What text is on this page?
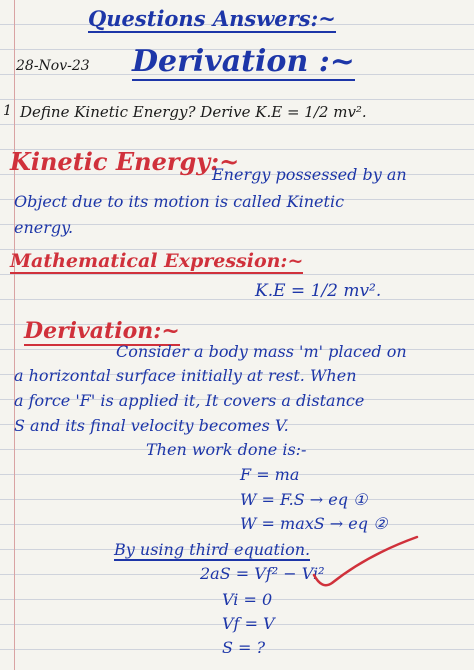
Questions Answers:~
28-Nov-23 Derivation :~
1 Define Kinetic Energy? Derive K.E = 1/2 mv².
Kinetic Energy:~
Energy possessed by an
Object due to its motion is called Kinetic
energy.
Mathematical Expression:~
K.E = 1/2 mv².
Derivation:~
Consider a body mass 'm' placed on
a horizontal surface initially at rest. When
a force 'F' is applied it, It covers a distance
S and its final velocity becomes V.
Then work done is:-
F = ma
W = F.S → eq ①
W = maxS → eq ②
By using third equation.
2aS = Vf² − Vi²
Vi = 0
Vf = V
S = ?
